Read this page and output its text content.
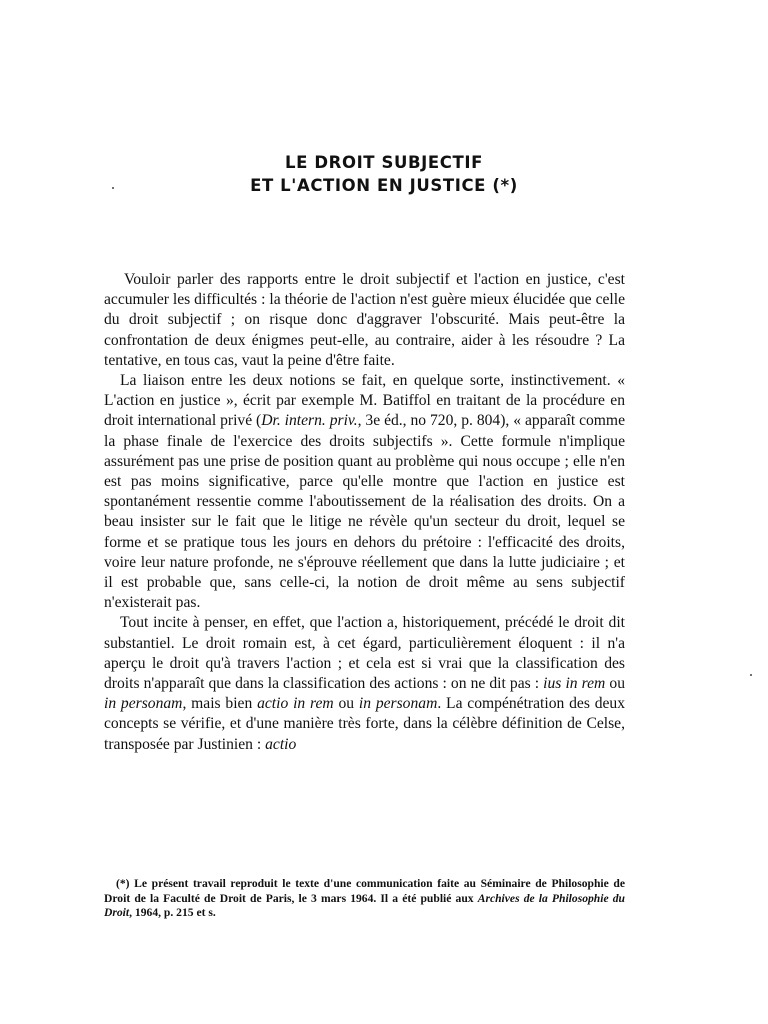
LE DROIT SUBJECTIF
ET L'ACTION EN JUSTICE (*)

Vouloir parler des rapports entre le droit subjectif et l'action en justice, c'est accumuler les difficultés : la théorie de l'action n'est guère mieux élucidée que celle du droit subjectif ; on risque donc d'aggraver l'obscurité. Mais peut-être la confrontation de deux énigmes peut-elle, au contraire, aider à les résoudre ? La tentative, en tous cas, vaut la peine d'être faite.

La liaison entre les deux notions se fait, en quelque sorte, instinctivement. « L'action en justice », écrit par exemple M. Batiffol en traitant de la procédure en droit international privé (Dr. intern. priv., 3e éd., no 720, p. 804), « apparaît comme la phase finale de l'exercice des droits subjectifs ». Cette formule n'implique assurément pas une prise de position quant au problème qui nous occupe ; elle n'en est pas moins significative, parce qu'elle montre que l'action en justice est spontanément ressentie comme l'aboutissement de la réalisation des droits. On a beau insister sur le fait que le litige ne révèle qu'un secteur du droit, lequel se forme et se pratique tous les jours en dehors du prétoire : l'efficacité des droits, voire leur nature profonde, ne s'éprouve réellement que dans la lutte judiciaire ; et il est probable que, sans celle-ci, la notion de droit même au sens subjectif n'existerait pas.

Tout incite à penser, en effet, que l'action a, historiquement, précédé le droit dit substantiel. Le droit romain est, à cet égard, particulièrement éloquent : il n'a aperçu le droit qu'à travers l'action ; et cela est si vrai que la classification des droits n'apparaît que dans la classification des actions : on ne dit pas : ius in rem ou in personam, mais bien actio in rem ou in personam. La compénétration des deux concepts se vérifie, et d'une manière très forte, dans la célèbre définition de Celse, transposée par Justinien : actio

(*) Le présent travail reproduit le texte d'une communication faite au Séminaire de Philosophie de Droit de la Faculté de Droit de Paris, le 3 mars 1964. Il a été publié aux Archives de la Philosophie du Droit, 1964, p. 215 et s.
